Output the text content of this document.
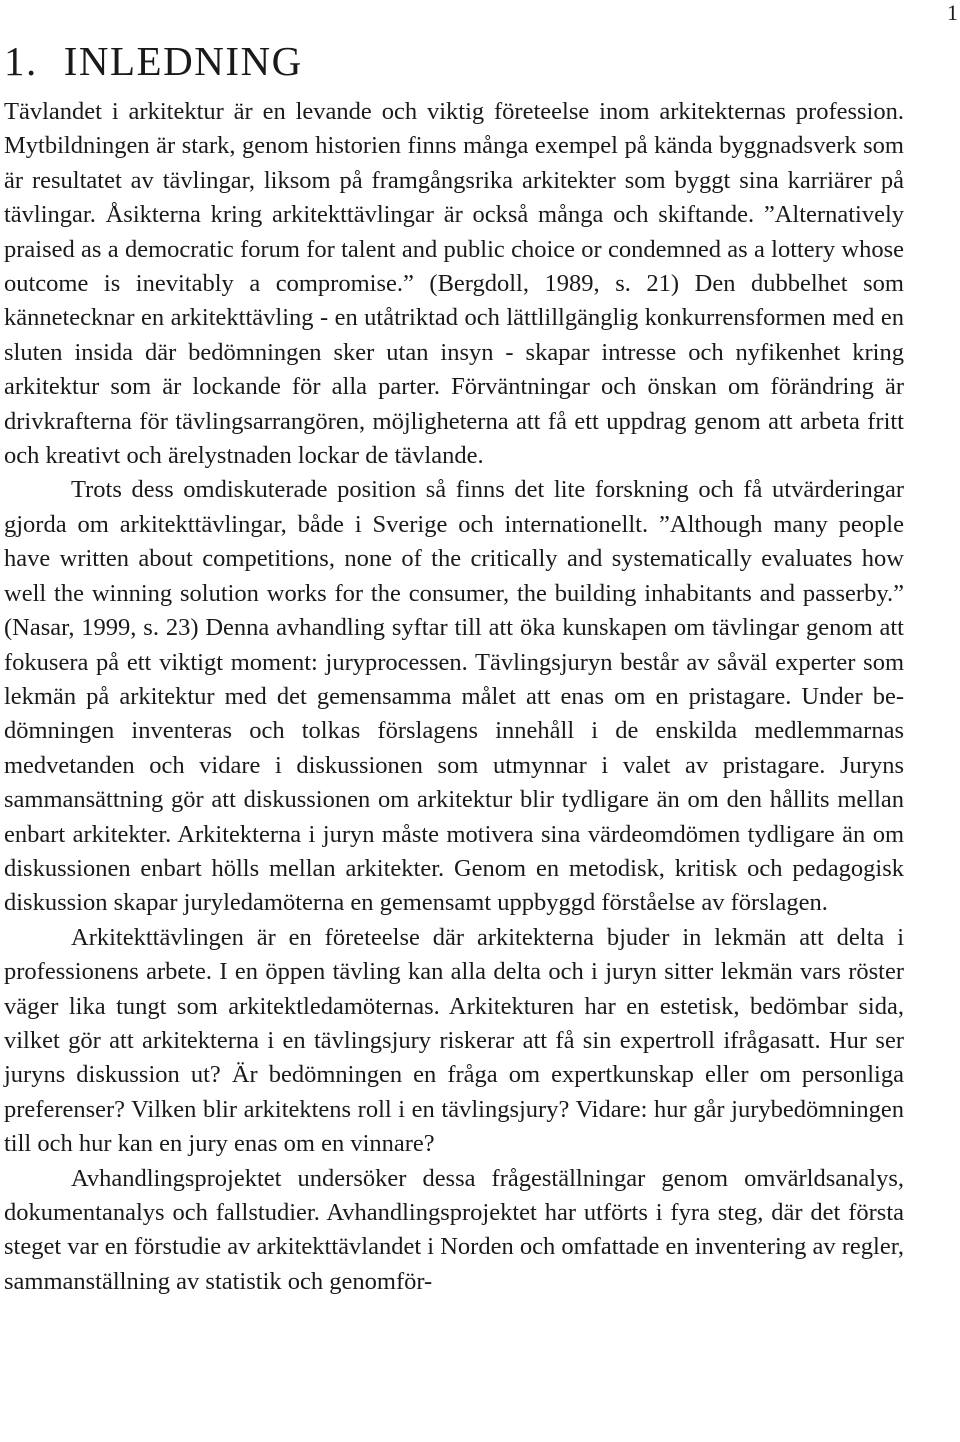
1
1. INLEDNING

Tävlandet i arkitektur är en levande och viktig företeelse inom arkitekternas profession. Mytbildningen är stark, genom historien finns många exempel på kända byggnadsverk som är resultatet av tävlingar, liksom på framgångsrika arkitekter som byggt sina karriärer på tävlingar. Åsikterna kring arkitekttävlingar är också många och skiftande. ”Alternatively praised as a democratic forum for talent and public choice or condemned as a lottery whose outcome is inevitably a compromise.” (Bergdoll, 1989, s. 21) Den dubbelhet som kännetecknar en arkitekttävling - en utåtriktad och lättlillgänglig konkurrensformen med en sluten insida där bedömningen sker utan insyn - skapar intresse och nyfikenhet kring arkitektur som är lockande för alla parter. Förväntningar och önskan om förändring är drivkrafterna för tävlingsarrangören, möjligheterna att få ett uppdrag genom att arbeta fritt och kreativt och ärelystnaden lockar de tävlande.

Trots dess omdiskuterade position så finns det lite forskning och få utvärderingar gjorda om arkitekttävlingar, både i Sverige och internationellt. ”Although many people have written about competitions, none of the critically and systematically evaluates how well the winning solution works for the consumer, the building inhabitants and passerby.” (Nasar, 1999, s. 23) Denna avhandling syftar till att öka kunskapen om tävlingar genom att fokusera på ett viktigt moment: juryprocessen. Tävlingsjuryn består av såväl experter som lekmän på arkitektur med det gemensamma målet att enas om en pristagare. Under bedömningen inventeras och tolkas förslagens innehåll i de enskilda medlemmarnas medvetanden och vidare i diskussionen som utmynnar i valet av pristagare. Juryns sammansättning gör att diskussionen om arkitektur blir tydligare än om den hållits mellan enbart arkitekter. Arkitekterna i juryn måste motivera sina värdeomdömen tydligare än om diskussionen enbart hölls mellan arkitekter. Genom en metodisk, kritisk och pedagogisk diskussion skapar juryledamöterna en gemensamt uppbyggd förståelse av förslagen.

Arkitekttävlingen är en företeelse där arkitekterna bjuder in lekmän att delta i professionens arbete. I en öppen tävling kan alla delta och i juryn sitter lekmän vars röster väger lika tungt som arkitektledamöternas. Arkitekturen har en estetisk, bedömbar sida, vilket gör att arkitekterna i en tävlingsjury riskerar att få sin expertroll ifrågasatt. Hur ser juryns diskussion ut? Är bedömningen en fråga om expertkunskap eller om personliga preferenser? Vilken blir arkitektens roll i en tävlingsjury? Vidare: hur går jurybedömningen till och hur kan en jury enas om en vinnare?

Avhandlingsprojektet undersöker dessa frågeställningar genom omvärldsanalys, dokumentanalys och fallstudier. Avhandlingsprojektet har utförts i fyra steg, där det första steget var en förstudie av arkitekttävlandet i Norden och omfattade en inventering av regler, sammanställning av statistik och genomför-
